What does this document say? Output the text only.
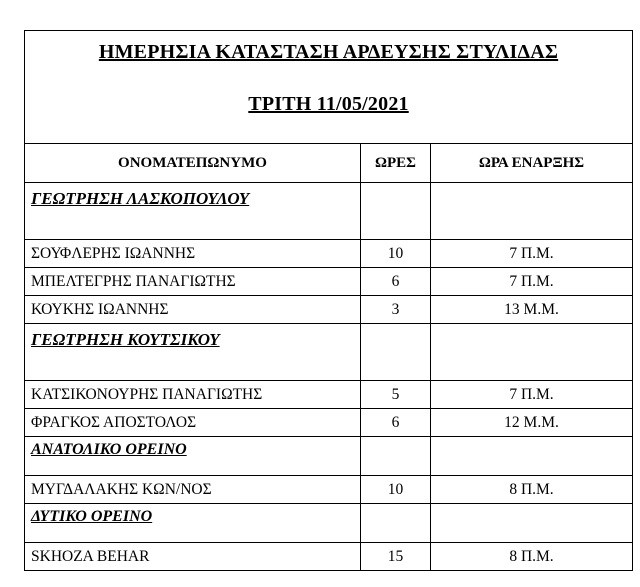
ΗΜΕΡΗΣΙΑ ΚΑΤΑΣΤΑΣΗ ΑΡΔΕΥΣΗΣ ΣΤΥΛΙΔΑΣ
ΤΡΙΤΗ 11/05/2021		

ΟΝΟΜΑΤΕΠΩΝΥΜΟ	ΩΡΕΣ	ΩΡΑ ΕΝΑΡΞΗΣ
ΓΕΩΤΡΗΣΗ ΛΑΣΚΟΠΟΥΛΟΥ		
ΣΟΥΦΛΕΡΗΣ ΙΩΑΝΝΗΣ	10	7 Π.Μ.
ΜΠΕΛΤΕΓΡΗΣ ΠΑΝΑΓΙΩΤΗΣ	6	7 Π.Μ.
ΚΟΥΚΗΣ ΙΩΑΝΝΗΣ	3	13 Μ.Μ.
ΓΕΩΤΡΗΣΗ ΚΟΥΤΣΙΚΟΥ		
ΚΑΤΣΙΚΟΝΟΥΡΗΣ ΠΑΝΑΓΙΩΤΗΣ	5	7 Π.Μ.
ΦΡΑΓΚΟΣ ΑΠΟΣΤΟΛΟΣ	6	12 Μ.Μ.
ΑΝΑΤΟΛΙΚΟ ΟΡΕΙΝΟ		
ΜΥΓΔΑΛΑΚΗΣ ΚΩΝ/ΝΟΣ	10	8 Π.Μ.
ΔΥΤΙΚΟ ΟΡΕΙΝΟ		
SKHOZA BEHAR	15	8 Π.Μ.
